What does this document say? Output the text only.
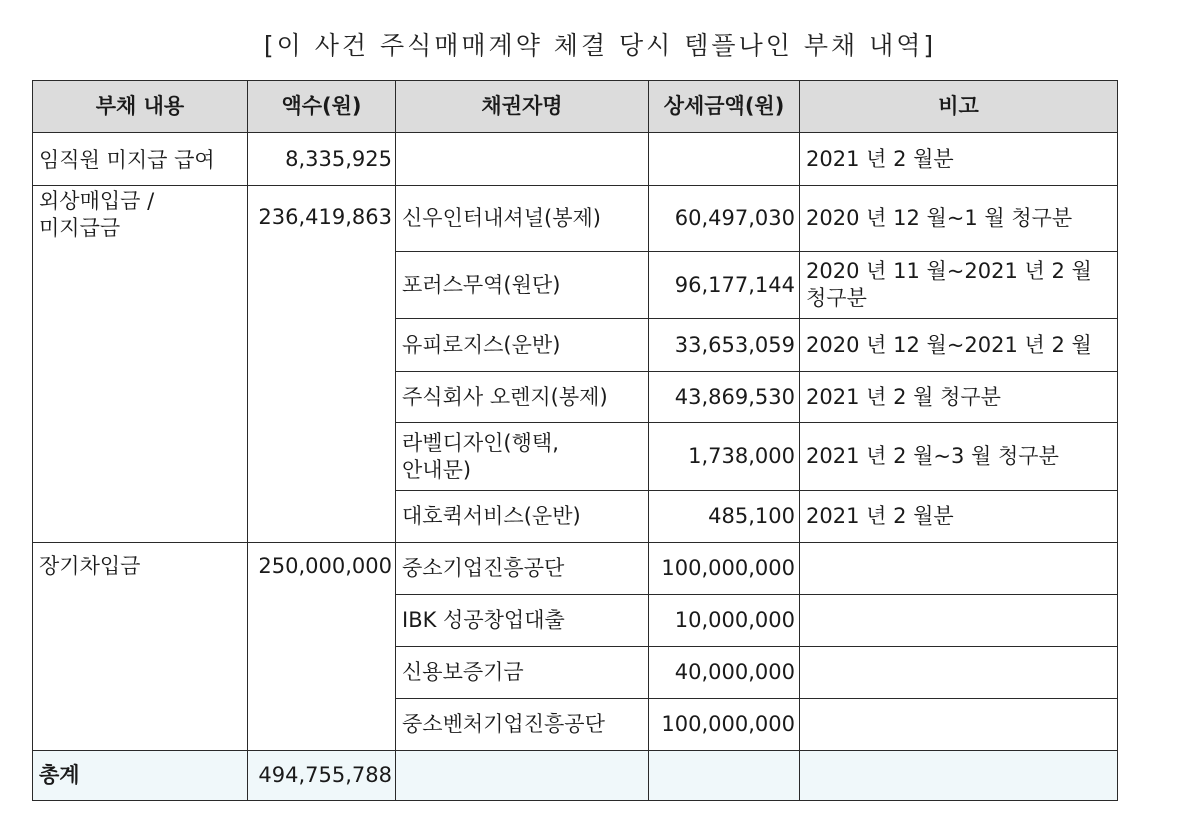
[이 사건 주식매매계약 체결 당시 템플나인 부채 내역]
부채 내용	액수(원)	채권자명	상세금액(원)	비고
임직원 미지급 급여	8,335,925			2021 년 2 월분
외상매입금 /
미지급금	236,419,863	신우인터내셔널(봉제)	60,497,030	2020 년 12 월~1 월 청구분
		포러스무역(원단)	96,177,144	2020 년 11 월~2021 년 2 월
청구분
		유피로지스(운반)	33,653,059	2020 년 12 월~2021 년 2 월
		주식회사 오렌지(봉제)	43,869,530	2021 년 2 월 청구분
		라벨디자인(행택,
안내문)	1,738,000	2021 년 2 월~3 월 청구분
		대호퀵서비스(운반)	485,100	2021 년 2 월분
장기차입금	250,000,000	중소기업진흥공단	100,000,000	
		IBK 성공창업대출	10,000,000	
		신용보증기금	40,000,000	
		중소벤처기업진흥공단	100,000,000	
총계	494,755,788			
